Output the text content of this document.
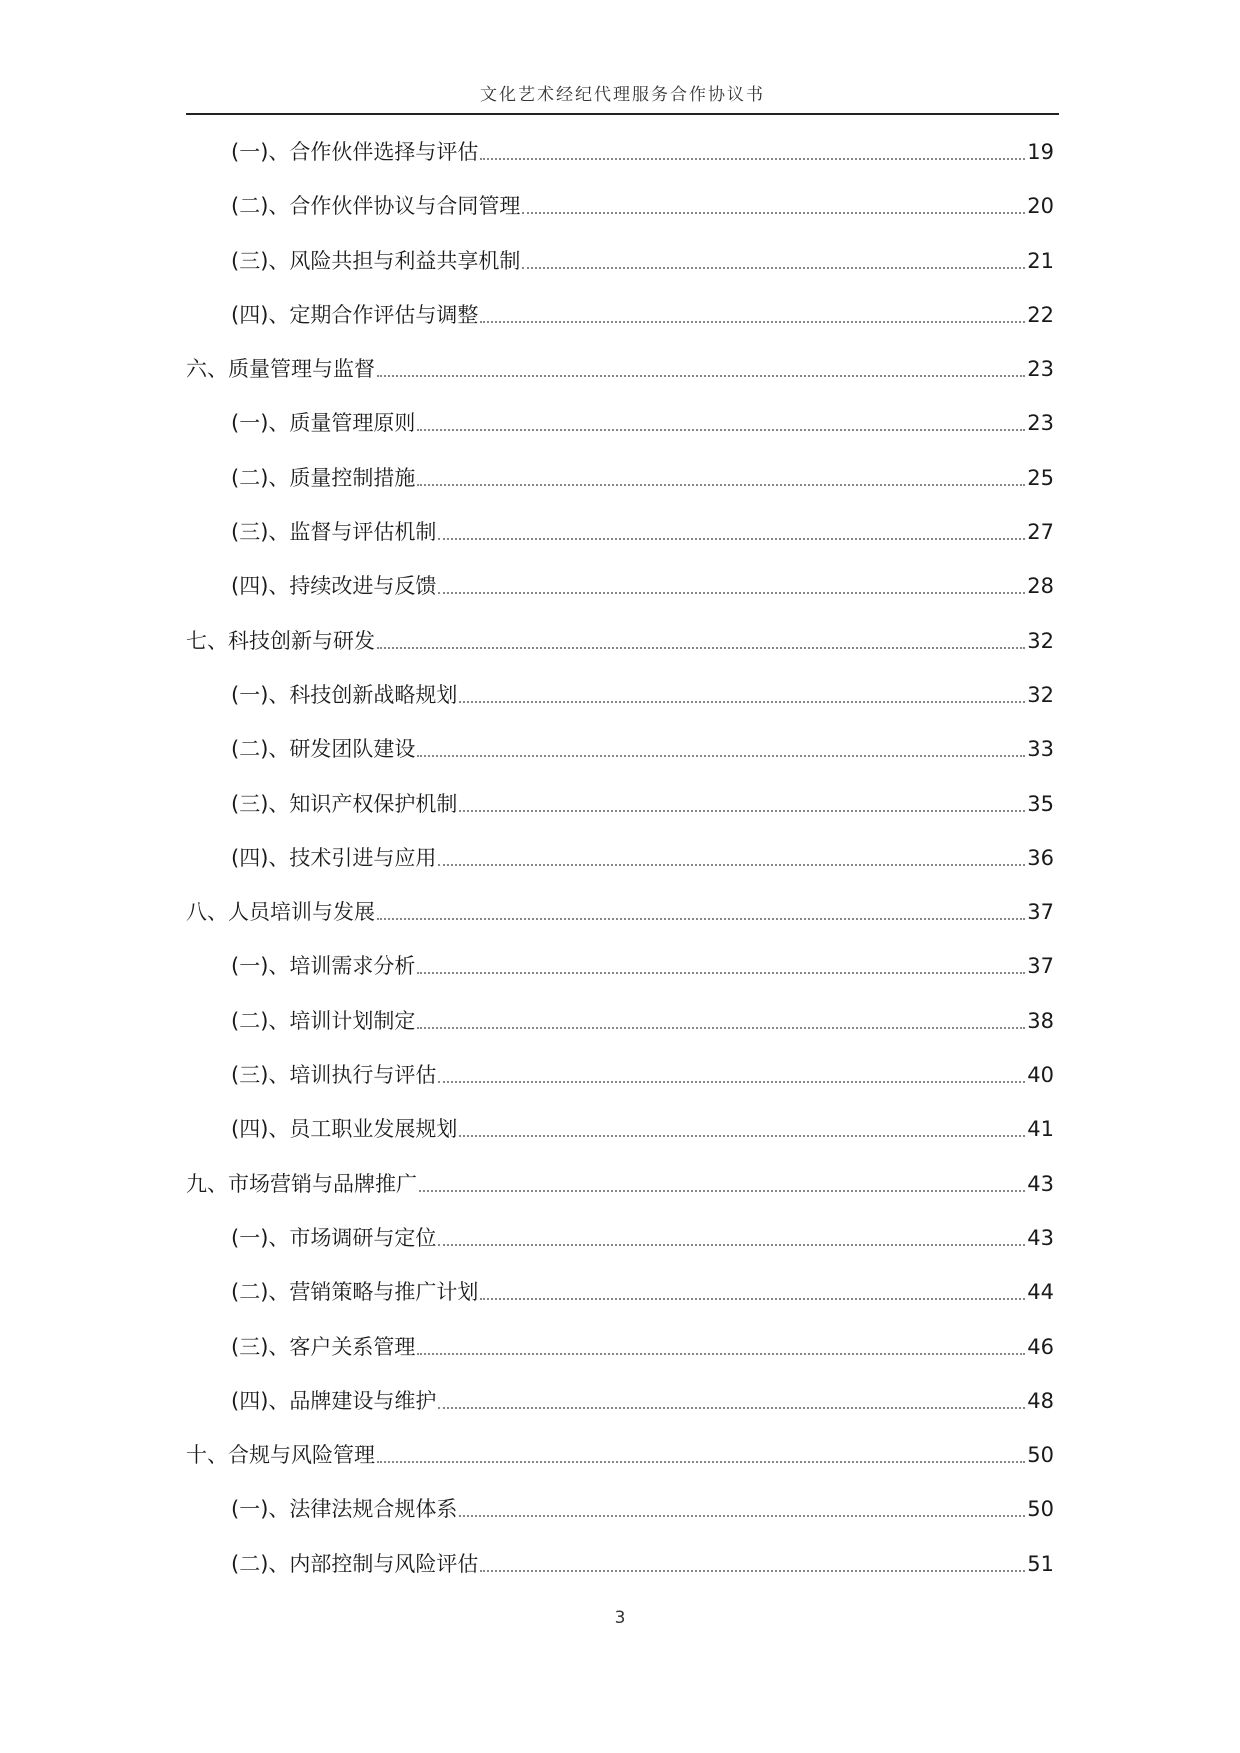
文化艺术经纪代理服务合作协议书
(一)、合作伙伴选择与评估	19
(二)、合作伙伴协议与合同管理	20
(三)、风险共担与利益共享机制	21
(四)、定期合作评估与调整	22
六、质量管理与监督	23
(一)、质量管理原则	23
(二)、质量控制措施	25
(三)、监督与评估机制	27
(四)、持续改进与反馈	28
七、科技创新与研发	32
(一)、科技创新战略规划	32
(二)、研发团队建设	33
(三)、知识产权保护机制	35
(四)、技术引进与应用	36
八、人员培训与发展	37
(一)、培训需求分析	37
(二)、培训计划制定	38
(三)、培训执行与评估	40
(四)、员工职业发展规划	41
九、市场营销与品牌推广	43
(一)、市场调研与定位	43
(二)、营销策略与推广计划	44
(三)、客户关系管理	46
(四)、品牌建设与维护	48
十、合规与风险管理	50
(一)、法律法规合规体系	50
(二)、内部控制与风险评估	51
3
